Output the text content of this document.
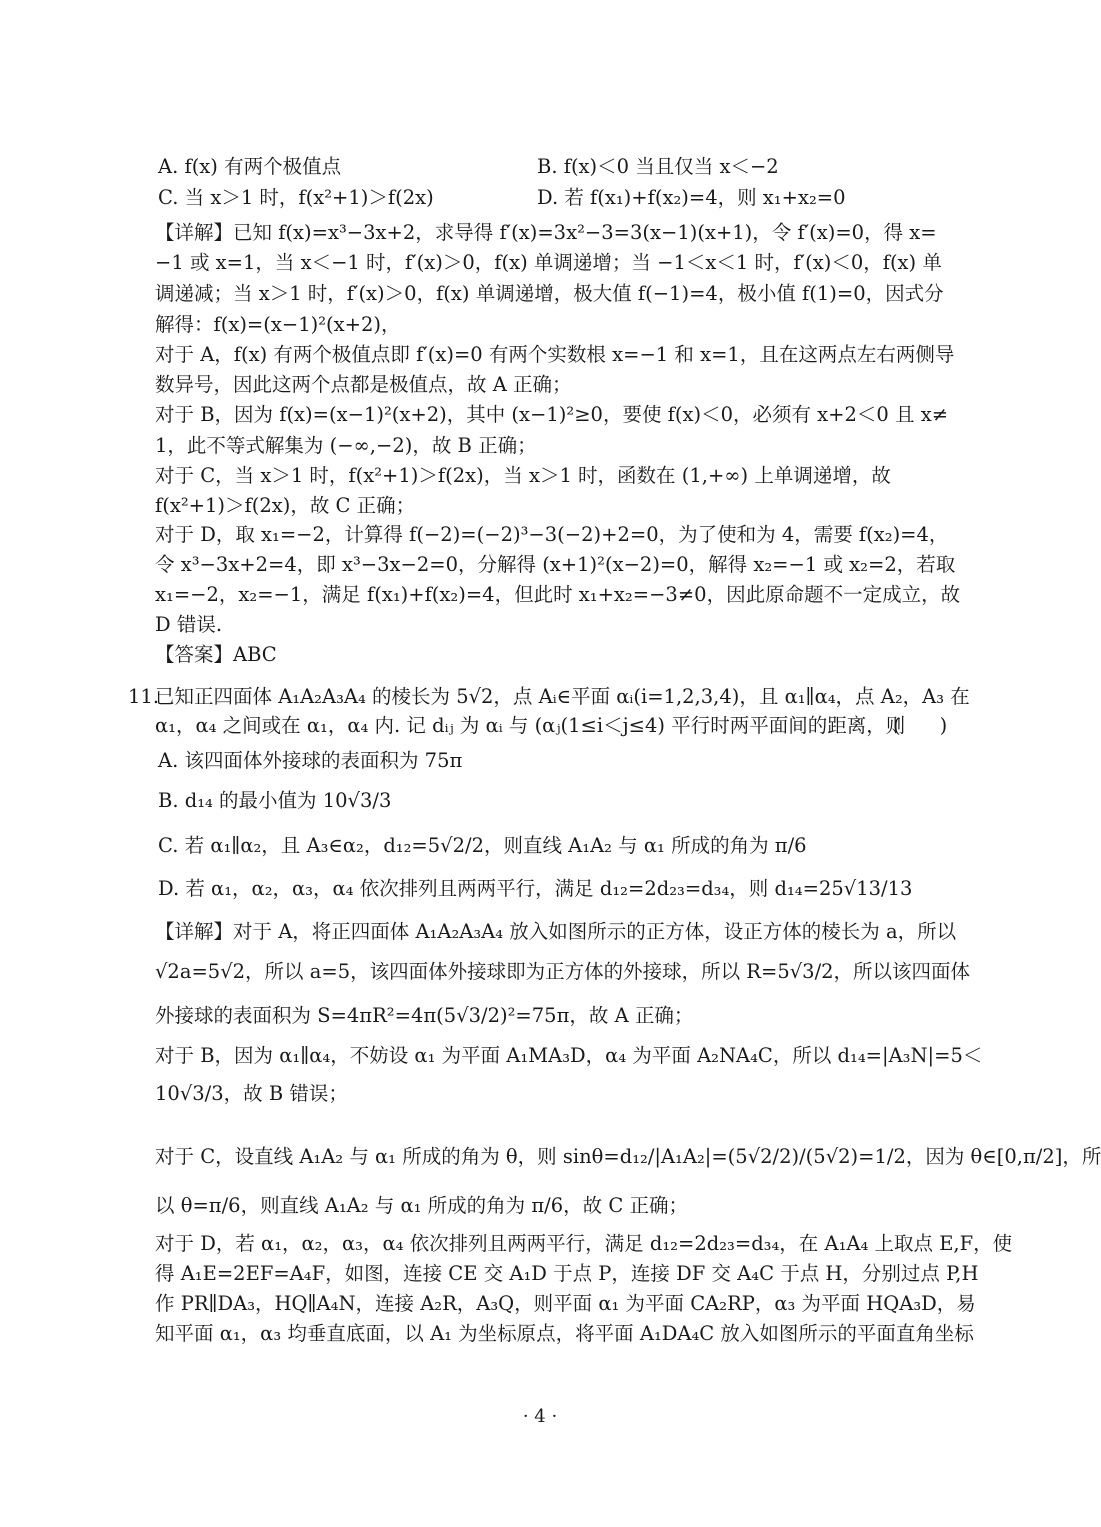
A. f(x) 有两个极值点	B. f(x)＜0 当且仅当 x＜−2
C. 当 x＞1 时，f(x²+1)＞f(2x)	D. 若 f(x₁)+f(x₂)=4，则 x₁+x₂=0
【详解】已知 f(x)=x³−3x+2，求导得 f′(x)=3x²−3=3(x−1)(x+1)，令 f′(x)=0，得 x=
−1 或 x=1，当 x＜−1 时，f′(x)＞0，f(x) 单调递增；当 −1＜x＜1 时，f′(x)＜0，f(x) 单
调递减；当 x＞1 时，f′(x)＞0，f(x) 单调递增，极大值 f(−1)=4，极小值 f(1)=0，因式分
解得：f(x)=(x−1)²(x+2)，
对于 A，f(x) 有两个极值点即 f′(x)=0 有两个实数根 x=−1 和 x=1，且在这两点左右两侧导
数异号，因此这两个点都是极值点，故 A 正确；
对于 B，因为 f(x)=(x−1)²(x+2)，其中 (x−1)²≥0，要使 f(x)＜0，必须有 x+2＜0 且 x≠
1，此不等式解集为 (−∞,−2)，故 B 正确；
对于 C，当 x＞1 时，f(x²+1)＞f(2x)，当 x＞1 时，函数在 (1,+∞) 上单调递增，故
f(x²+1)＞f(2x)，故 C 正确；
对于 D，取 x₁=−2，计算得 f(−2)=(−2)³−3(−2)+2=0，为了使和为 4，需要 f(x₂)=4，
令 x³−3x+2=4，即 x³−3x−2=0，分解得 (x+1)²(x−2)=0，解得 x₂=−1 或 x₂=2，若取
x₁=−2，x₂=−1，满足 f(x₁)+f(x₂)=4，但此时 x₁+x₂=−3≠0，因此原命题不一定成立，故
D 错误.
【答案】ABC
11.
已知正四面体 A₁A₂A₃A₄ 的棱长为 5√2，点 Aᵢ∈平面 αᵢ(i=1,2,3,4)，且 α₁∥α₄，点 A₂，A₃ 在
α₁，α₄ 之间或在 α₁，α₄ 内. 记 dᵢⱼ 为 αᵢ 与 (αⱼ(1≤i＜j≤4) 平行时两平面间的距离，则
(　　)
A. 该四面体外接球的表面积为 75π
B. d₁₄ 的最小值为 10√3/3
C. 若 α₁∥α₂，且 A₃∈α₂，d₁₂=5√2/2，则直线 A₁A₂ 与 α₁ 所成的角为 π/6
D. 若 α₁，α₂，α₃，α₄ 依次排列且两两平行，满足 d₁₂=2d₂₃=d₃₄，则 d₁₄=25√13/13
【详解】对于 A，将正四面体 A₁A₂A₃A₄ 放入如图所示的正方体，设正方体的棱长为 a，所以
√2a=5√2，所以 a=5，该四面体外接球即为正方体的外接球，所以 R=5√3/2，所以该四面体
外接球的表面积为 S=4πR²=4π(5√3/2)²=75π，故 A 正确；
对于 B，因为 α₁∥α₄，不妨设 α₁ 为平面 A₁MA₃D，α₄ 为平面 A₂NA₄C，所以 d₁₄=|A₃N|=5＜
10√3/3，故 B 错误；
对于 C，设直线 A₁A₂ 与 α₁ 所成的角为 θ，则 sinθ=d₁₂/|A₁A₂|=(5√2/2)/(5√2)=1/2，因为 θ∈[0,π/2]，所
以 θ=π/6，则直线 A₁A₂ 与 α₁ 所成的角为 π/6，故 C 正确；
对于 D，若 α₁，α₂，α₃，α₄ 依次排列且两两平行，满足 d₁₂=2d₂₃=d₃₄，在 A₁A₄ 上取点 E,F，使
得 A₁E=2EF=A₄F，如图，连接 CE 交 A₁D 于点 P，连接 DF 交 A₄C 于点 H，分别过点 P,H
作 PR∥DA₃，HQ∥A₄N，连接 A₂R，A₃Q，则平面 α₁ 为平面 CA₂RP，α₃ 为平面 HQA₃D，易
知平面 α₁，α₃ 均垂直底面，以 A₁ 为坐标原点，将平面 A₁DA₄C 放入如图所示的平面直角坐标
· 4 ·
